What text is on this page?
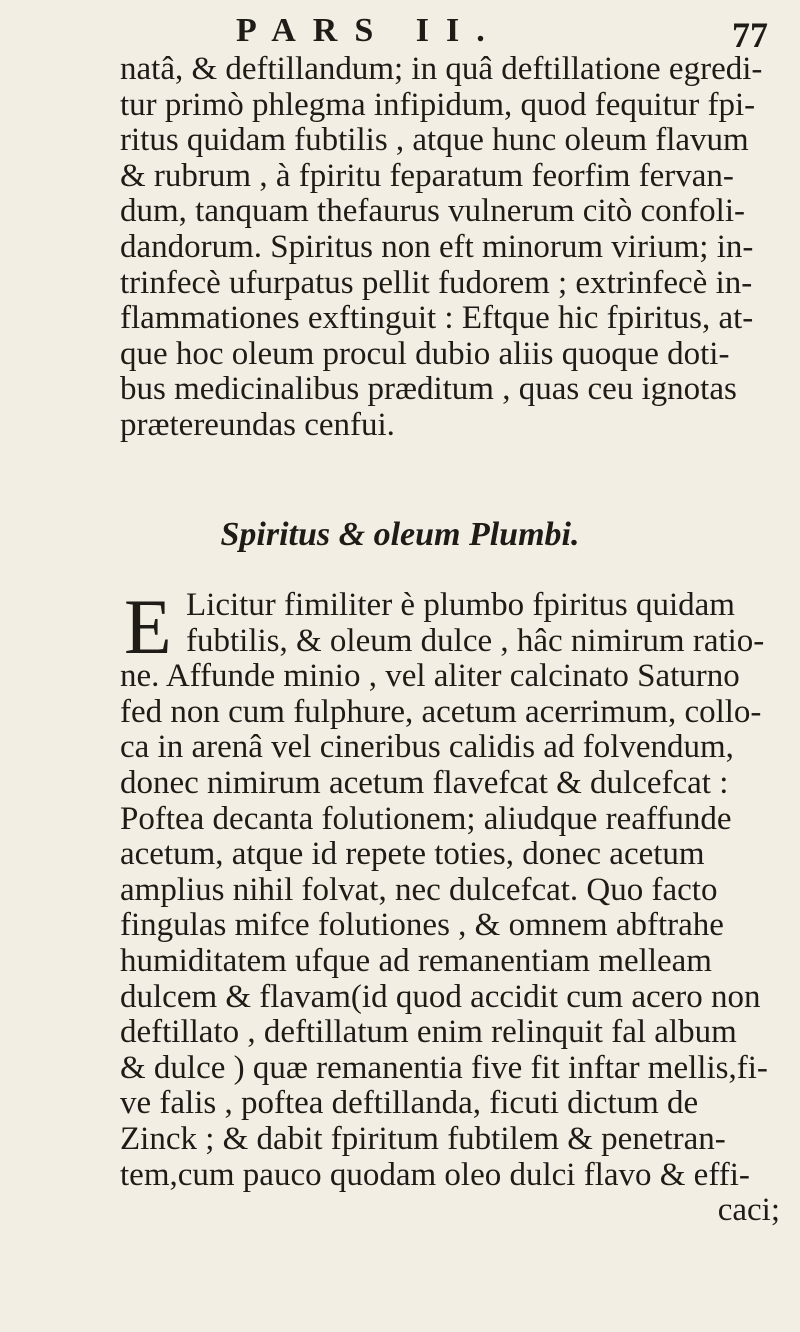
PARS II.	77
natâ, & deftillandum; in quâ deftillatione egredi-
tur primò phlegma infipidum, quod fequitur fpi-
ritus quidam fubtilis , atque hunc oleum flavum
& rubrum , à fpiritu feparatum feorfim fervan-
dum, tanquam thefaurus vulnerum citò confoli-
dandorum. Spiritus non eft minorum virium; in-
trinfecè ufurpatus pellit fudorem ; extrinfecè in-
flammationes exftinguit : Eftque hic fpiritus, at-
que hoc oleum procul dubio aliis quoque doti-
bus medicinalibus præditum , quas ceu ignotas
prætereundas cenfui.
Spiritus & oleum Plumbi.
E Licitur fimiliter è plumbo fpiritus quidam
fubtilis, & oleum dulce , hâc nimirum ratio-
ne. Affunde minio , vel aliter calcinato Saturno
fed non cum fulphure, acetum acerrimum, collo-
ca in arenâ vel cineribus calidis ad folvendum,
donec nimirum acetum flavefcat & dulcefcat :
Poftea decanta folutionem; aliudque reaffunde
acetum, atque id repete toties, donec acetum
amplius nihil folvat, nec dulcefcat. Quo facto
fingulas mifce folutiones , & omnem abftrahe
humiditatem ufque ad remanentiam melleam
dulcem & flavam(id quod accidit cum acero non
deftillato , deftillatum enim relinquit fal album
& dulce ) quæ remanentia five fit inftar mellis,fi-
ve falis , poftea deftillanda, ficuti dictum de
Zinck ; & dabit fpiritum fubtilem & penetran-
tem,cum pauco quodam oleo dulci flavo & effi-
caci;
